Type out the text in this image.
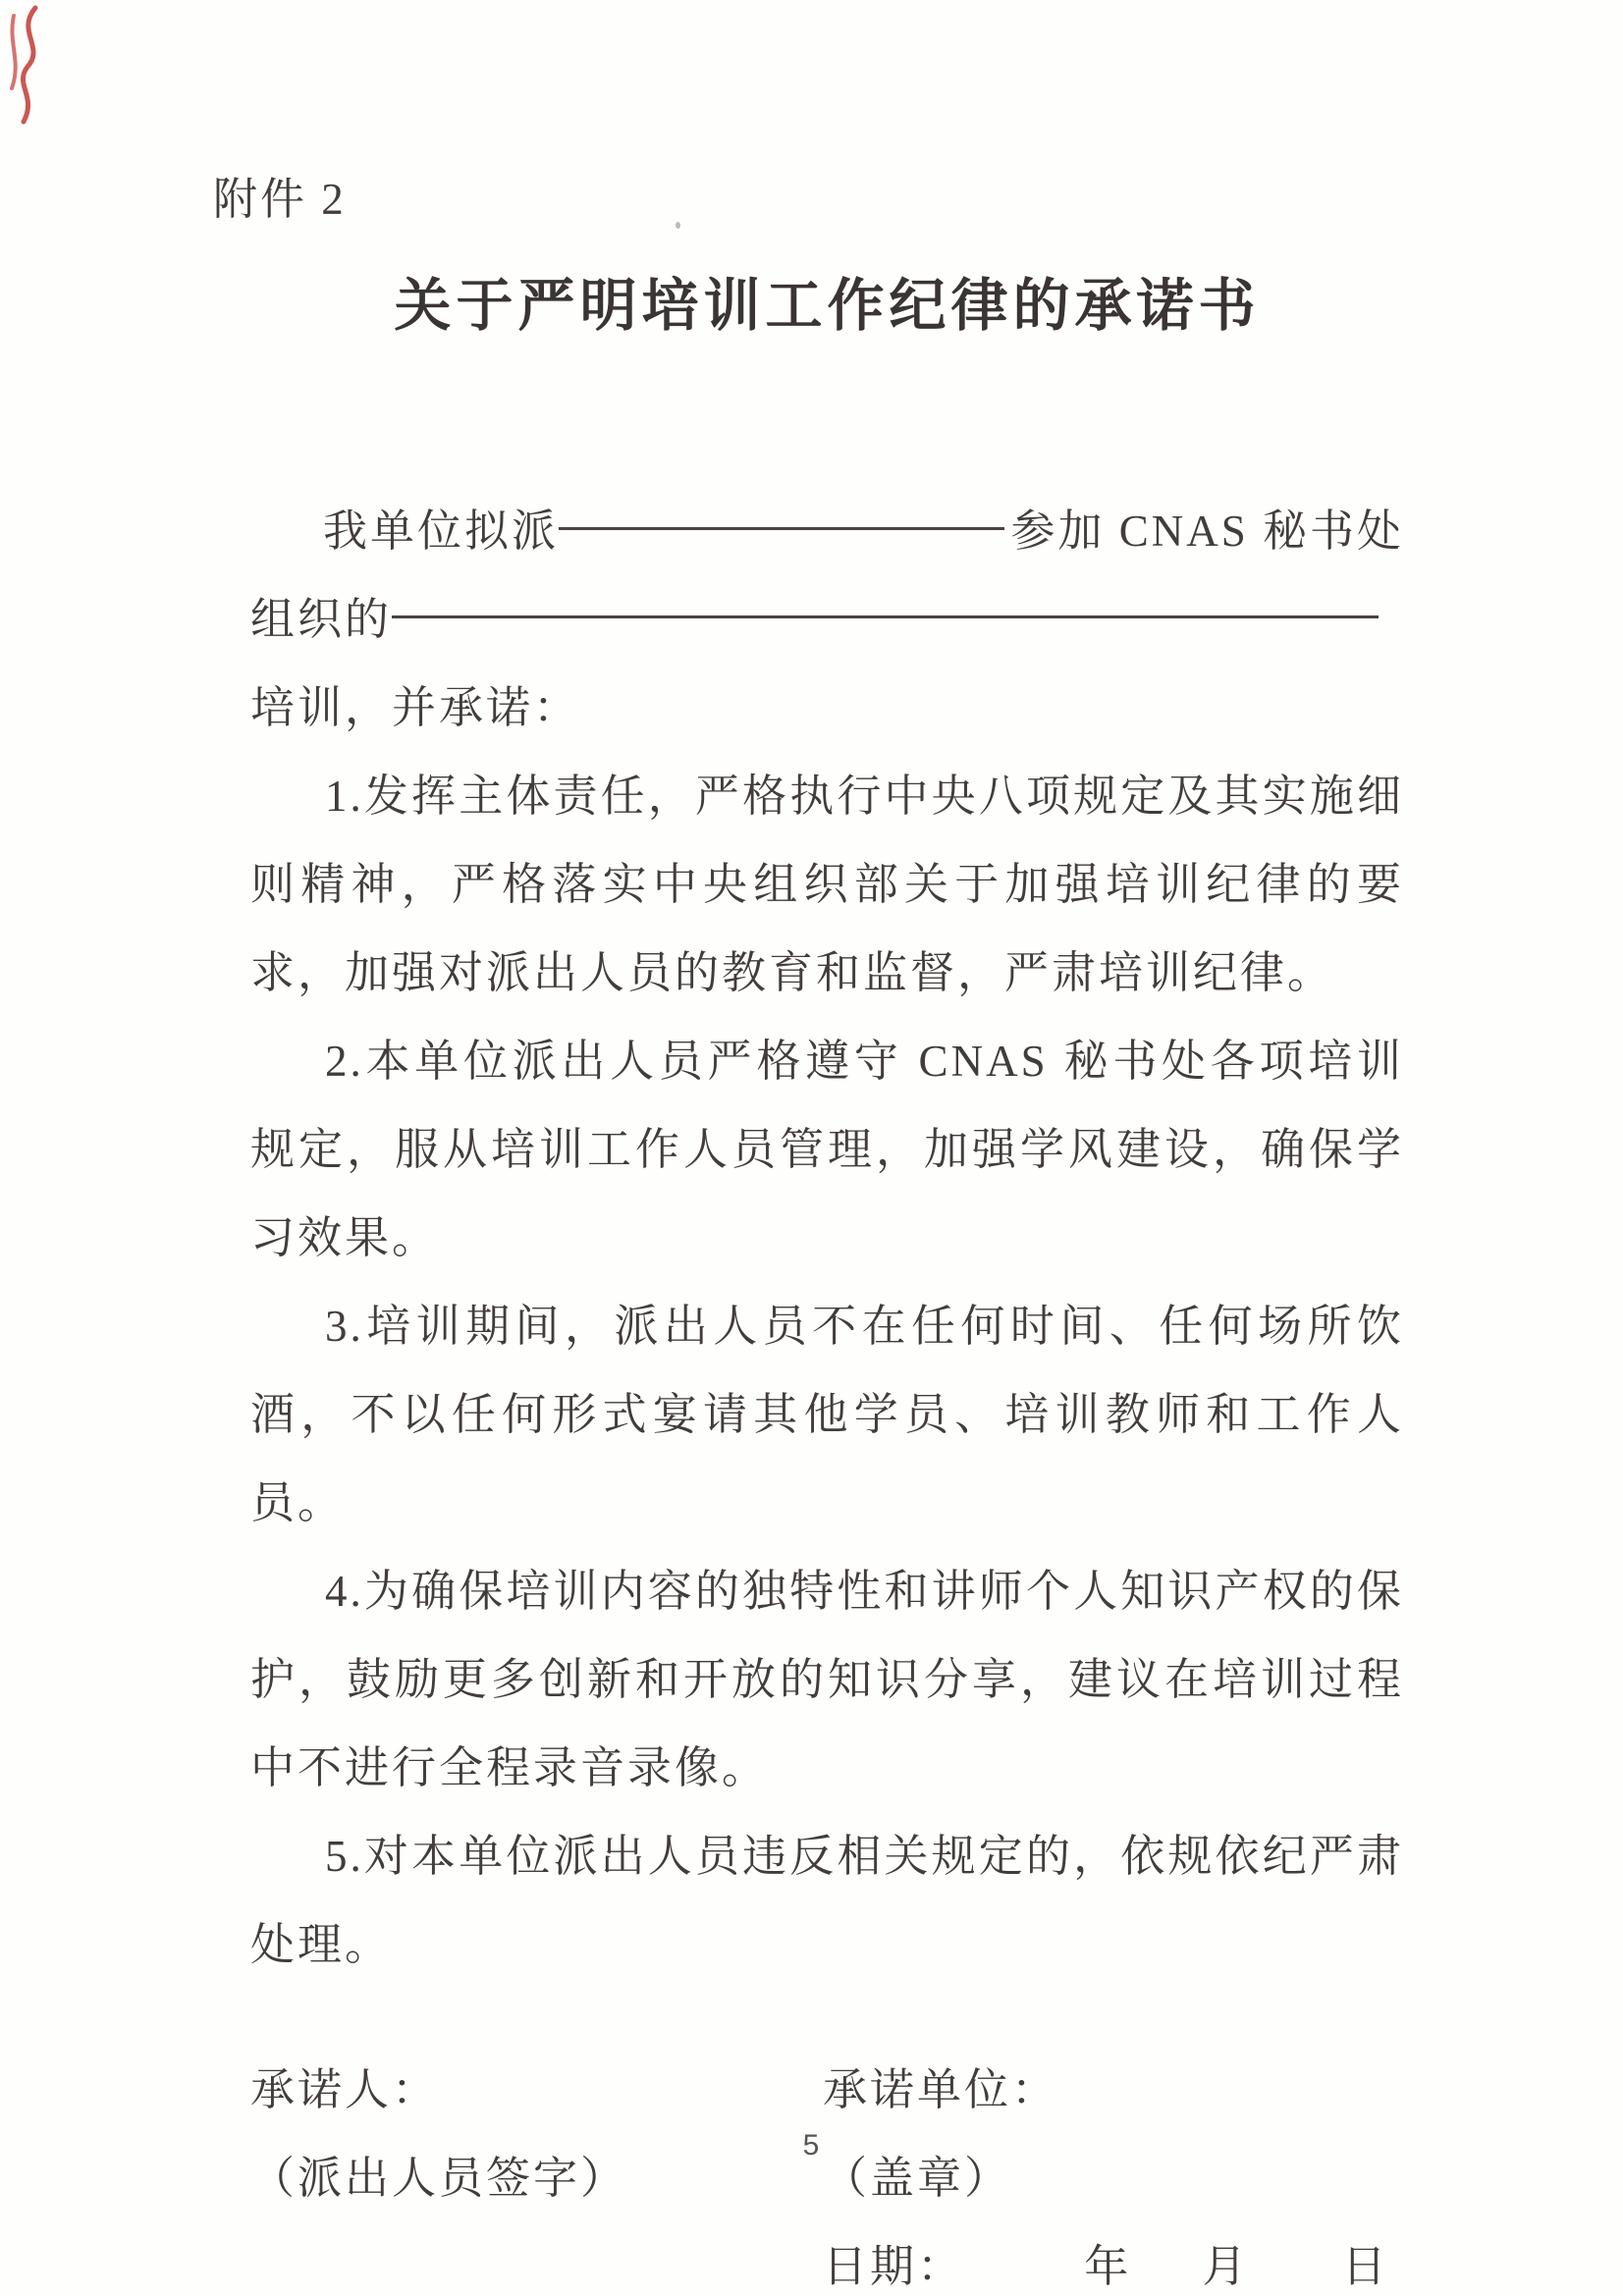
附件 2
关于严明培训工作纪律的承诺书
我单位拟派	参加 CNAS 秘书处
组织的
培训，并承诺：

1.发挥主体责任，严格执行中央八项规定及其实施细则精神，严格落实中央组织部关于加强培训纪律的要求，加强对派出人员的教育和监督，严肃培训纪律。

2.本单位派出人员严格遵守 CNAS 秘书处各项培训规定，服从培训工作人员管理，加强学风建设，确保学习效果。

3.培训期间，派出人员不在任何时间、任何场所饮酒，不以任何形式宴请其他学员、培训教师和工作人员。

4.为确保培训内容的独特性和讲师个人知识产权的保护，鼓励更多创新和开放的知识分享，建议在培训过程中不进行全程录音录像。

5.对本单位派出人员违反相关规定的，依规依纪严肃处理。

承诺人：
（派出人员签字）
承诺单位：
（盖章）
日期：	年 月 日
5
